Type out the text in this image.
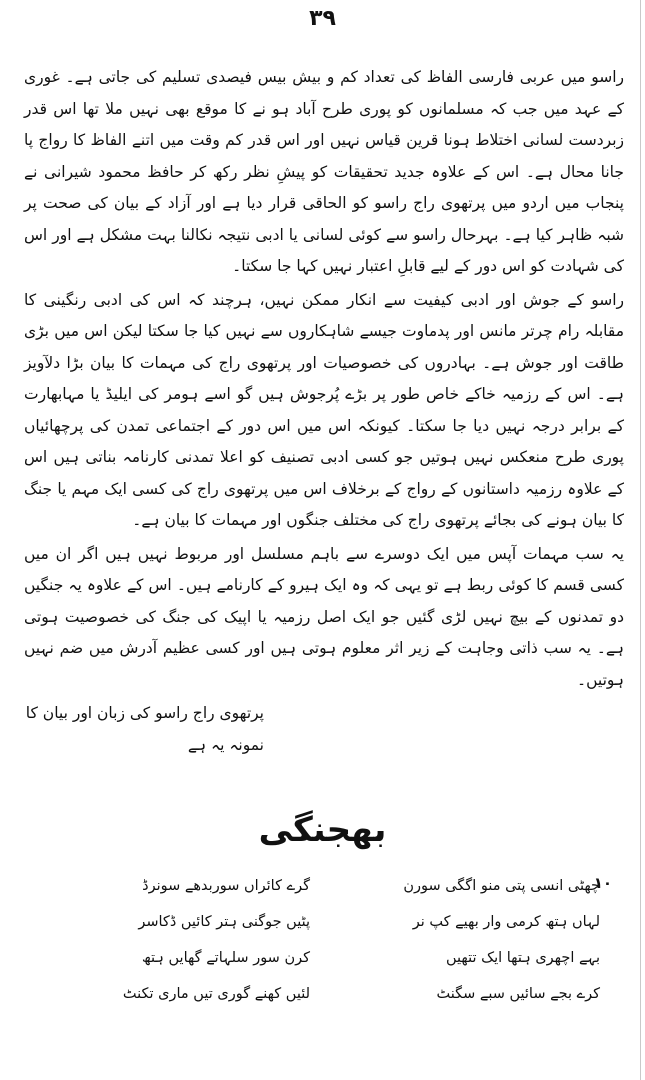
۳۹

راسو میں عربی فارسی الفاظ کی تعداد کم و بیش بیس فیصدی تسلیم کی جاتی ہے۔ غوری کے عہد میں جب کہ مسلمانوں کو پوری طرح آباد ہو نے کا موقع بھی نہیں ملا تھا اس قدر زبردست لسانی اختلاط ہونا قرین قیاس نہیں اور اس قدر کم وقت میں اتنے الفاظ کا رواج پا جانا محال ہے۔ اس کے علاوہ جدید تحقیقات کو پیشِ نظر رکھ کر حافظ محمود شیرانی نے پنجاب میں اردو میں پرتھوی راج راسو کو الحاقی قرار دیا ہے اور آزاد کے بیان کی صحت پر شبہ ظاہر کیا ہے۔ بہرحال راسو سے کوئی لسانی یا ادبی نتیجہ نکالنا بہت مشکل ہے اور اس کی شہادت کو اس دور کے لیے قابلِ اعتبار نہیں کہا جا سکتا۔

راسو کے جوش اور ادبی کیفیت سے انکار ممکن نہیں، ہرچند کہ اس کی ادبی رنگینی کا مقابلہ رام چرتر مانس اور پدماوت جیسے شاہکاروں سے نہیں کیا جا سکتا لیکن اس میں بڑی طاقت اور جوش ہے۔ بہادروں کی خصوصیات اور پرتھوی راج کی مہمات کا بیان بڑا دلآویز ہے۔ اس کے رزمیہ خاکے خاص طور پر بڑے پُرجوش ہیں گو اسے ہومر کی ایلیڈ یا مہابھارت کے برابر درجہ نہیں دیا جا سکتا۔ کیونکہ اس میں اس دور کے اجتماعی تمدن کی پرچھائیاں پوری طرح منعکس نہیں ہوتیں جو کسی ادبی تصنیف کو اعلا تمدنی کارنامہ بناتی ہیں اس کے علاوہ رزمیہ داستانوں کے رواج کے برخلاف اس میں پرتھوی راج کی کسی ایک مہم یا جنگ کا بیان ہونے کی بجائے پرتھوی راج کی مختلف جنگوں اور مہمات کا بیان ہے۔

یہ سب مہمات آپس میں ایک دوسرے سے باہم مسلسل اور مربوط نہیں ہیں اگر ان میں کسی قسم کا کوئی ربط ہے تو یہی کہ وہ ایک ہیرو کے کارنامے ہیں۔ اس کے علاوہ یہ جنگیں دو تمدنوں کے بیچ نہیں لڑی گئیں جو ایک اصل رزمیہ یا اپیک کی جنگ کی خصوصیت ہوتی ہے۔ یہ سب ذاتی وجاہت کے زیر اثر معلوم ہوتی ہیں اور کسی عظیم آدرش میں ضم نہیں ہوتیں۔

پرتھوی راج راسو کی زبان اور بیان کا نمونہ یہ ہے

بھجنگی
۱۰
چھٹی انسی پتی منو اگگی سورن
گرے کائراں سوربدھے سونرڈ
لہاں ہتھ کرمی وار بھیے کپ نر
پٹیں جوگنی ہتر کائیں ڈکاسر
بہے اچھری ہتھا ایک تتھیں
کرن سور سلہاتے گھایں ہتھ
کرے بجے سائیں سبے سگنٹ
لئیں کھنے گوری تیں ماری تکنٹ
